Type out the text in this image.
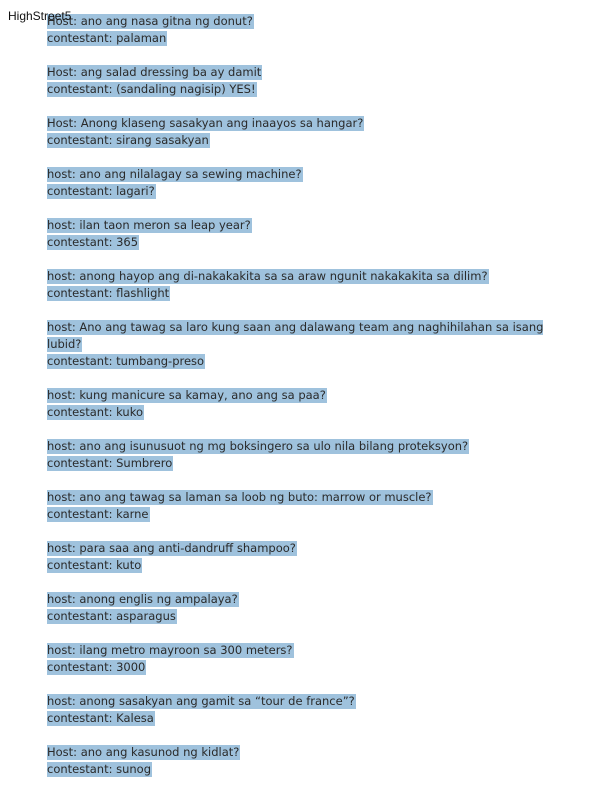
HighStreet5
Host: ano ang nasa gitna ng donut?
contestant: palaman
Host: ang salad dressing ba ay damit
contestant: (sandaling nagisip) YES!
Host: Anong klaseng sasakyan ang inaayos sa hangar?
contestant: sirang sasakyan
host: ano ang nilalagay sa sewing machine?
contestant: lagari?
host: ilan taon meron sa leap year?
contestant: 365
host: anong hayop ang di-nakakakita sa sa araw ngunit nakakakita sa dilim?
contestant: flashlight
host: Ano ang tawag sa laro kung saan ang dalawang team ang naghihilahan sa isang lubid?
contestant: tumbang-preso
host: kung manicure sa kamay, ano ang sa paa?
contestant: kuko
host: ano ang isunusuot ng mg boksingero sa ulo nila bilang proteksyon?
contestant: Sumbrero
host: ano ang tawag sa laman sa loob ng buto: marrow or muscle?
contestant: karne
host: para saa ang anti-dandruff shampoo?
contestant: kuto
host: anong englis ng ampalaya?
contestant: asparagus
host: ilang metro mayroon sa 300 meters?
contestant: 3000
host: anong sasakyan ang gamit sa “tour de france”?
contestant: Kalesa
Host: ano ang kasunod ng kidlat?
contestant: sunog
